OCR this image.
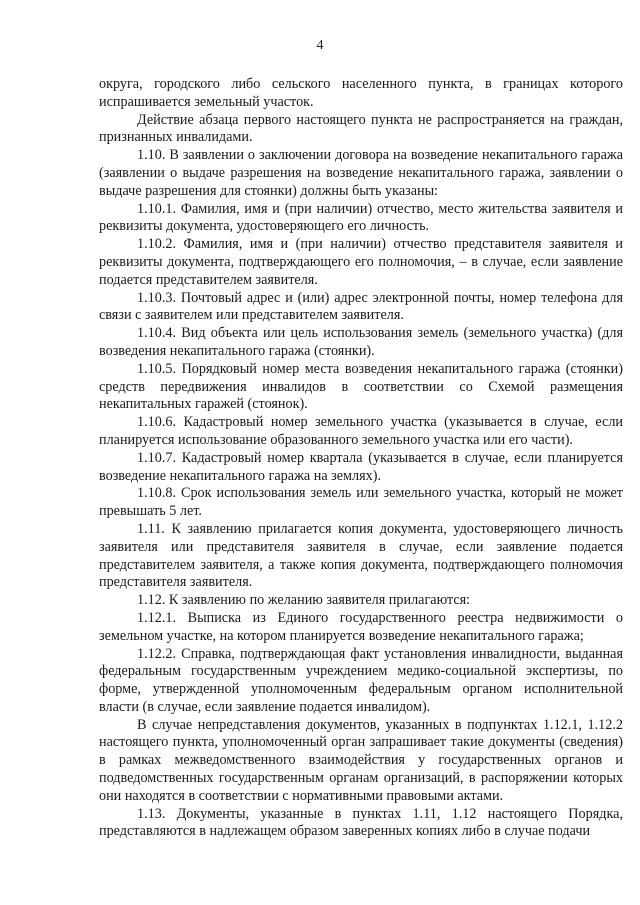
4

округа, городского либо сельского населенного пункта, в границах которого испрашивается земельный участок.

Действие абзаца первого настоящего пункта не распространяется на граждан, признанных инвалидами.

1.10. В заявлении о заключении договора на возведение некапитального гаража (заявлении о выдаче разрешения на возведение некапитального гаража, заявлении о выдаче разрешения для стоянки) должны быть указаны:

1.10.1. Фамилия, имя и (при наличии) отчество, место жительства заявителя и реквизиты документа, удостоверяющего его личность.

1.10.2. Фамилия, имя и (при наличии) отчество представителя заявителя и реквизиты документа, подтверждающего его полномочия, – в случае, если заявление подается представителем заявителя.

1.10.3. Почтовый адрес и (или) адрес электронной почты, номер телефона для связи с заявителем или представителем заявителя.

1.10.4. Вид объекта или цель использования земель (земельного участка) (для возведения некапитального гаража (стоянки).

1.10.5. Порядковый номер места возведения некапитального гаража (стоянки) средств передвижения инвалидов в соответствии со Схемой размещения некапитальных гаражей (стоянок).

1.10.6. Кадастровый номер земельного участка (указывается в случае, если планируется использование образованного земельного участка или его части).

1.10.7. Кадастровый номер квартала (указывается в случае, если планируется возведение некапитального гаража на землях).

1.10.8. Срок использования земель или земельного участка, который не может превышать 5 лет.

1.11. К заявлению прилагается копия документа, удостоверяющего личность заявителя или представителя заявителя в случае, если заявление подается представителем заявителя, а также копия документа, подтверждающего полномочия представителя заявителя.

1.12. К заявлению по желанию заявителя прилагаются:

1.12.1. Выписка из Единого государственного реестра недвижимости о земельном участке, на котором планируется возведение некапитального гаража;

1.12.2. Справка, подтверждающая факт установления инвалидности, выданная федеральным государственным учреждением медико-социальной экспертизы, по форме, утвержденной уполномоченным федеральным органом исполнительной власти (в случае, если заявление подается инвалидом).

В случае непредставления документов, указанных в подпунктах 1.12.1, 1.12.2 настоящего пункта, уполномоченный орган запрашивает такие документы (сведения) в рамках межведомственного взаимодействия у государственных органов и подведомственных государственным органам организаций, в распоряжении которых они находятся в соответствии с нормативными правовыми актами.

1.13. Документы, указанные в пунктах 1.11, 1.12 настоящего Порядка, представляются в надлежащем образом заверенных копиях либо в случае подачи
